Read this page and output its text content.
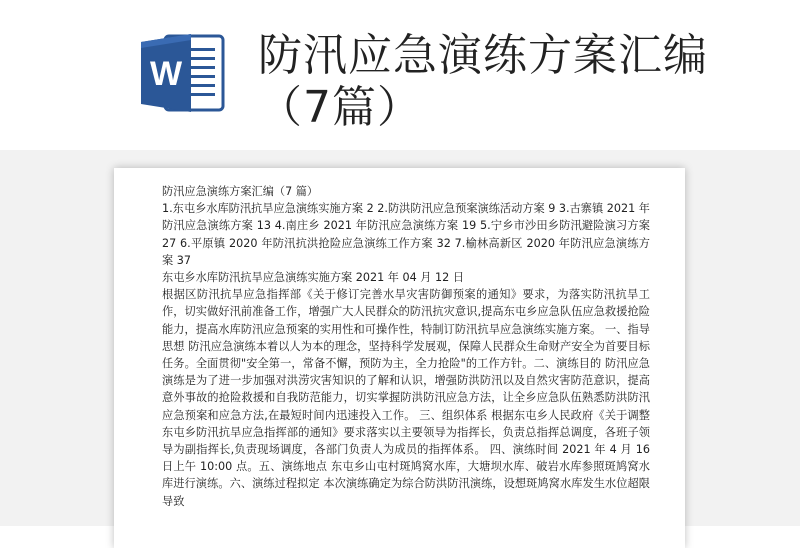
W 防汛应急演练方案汇编（7篇）

防汛应急演练方案汇编（7 篇）

1.东屯乡水库防汛抗旱应急演练实施方案 2 2.防洪防汛应急预案演练活动方案 9 3.古寨镇 2021 年防汛应急演练方案 13 4.南庄乡 2021 年防汛应急演练方案 19 5.宁乡市沙田乡防汛避险演习方案 27 6.平原镇 2020 年防汛抗洪抢险应急演练工作方案 32 7.榆林高新区 2020 年防汛应急演练方案 37

东屯乡水库防汛抗旱应急演练实施方案 2021 年 04 月 12 日

根据区防汛抗旱应急指挥部《关于修订完善水旱灾害防御预案的通知》要求，为落实防汛抗旱工作，切实做好汛前准备工作，增强广大人民群众的防汛抗灾意识,提高东屯乡应急队伍应急救援抢险能力，提高水库防汛应急预案的实用性和可操作性，特制订防汛抗旱应急演练实施方案。 一、指导思想 防汛应急演练本着以人为本的理念，坚持科学发展观，保障人民群众生命财产安全为首要目标任务。全面贯彻"安全第一，常备不懈，预防为主，全力抢险"的工作方针。二、演练目的 防汛应急演练是为了进一步加强对洪涝灾害知识的了解和认识，增强防洪防汛以及自然灾害防范意识，提高意外事故的抢险救援和自我防范能力，切实掌握防洪防汛应急方法，让全乡应急队伍熟悉防洪防汛应急预案和应急方法,在最短时间内迅速投入工作。 三、组织体系 根据东屯乡人民政府《关于调整东屯乡防汛抗旱应急指挥部的通知》要求落实以主要领导为指挥长，负责总指挥总调度，各班子领导为副指挥长,负责现场调度，各部门负责人为成员的指挥体系。 四、演练时间 2021 年 4 月 16 日上午 10:00 点。五、演练地点 东屯乡山屯村斑鸠窝水库，大塘坝水库、破岩水库参照斑鸠窝水库进行演练。六、演练过程拟定 本次演练确定为综合防洪防汛演练，设想斑鸠窝水库发生水位超限导致
